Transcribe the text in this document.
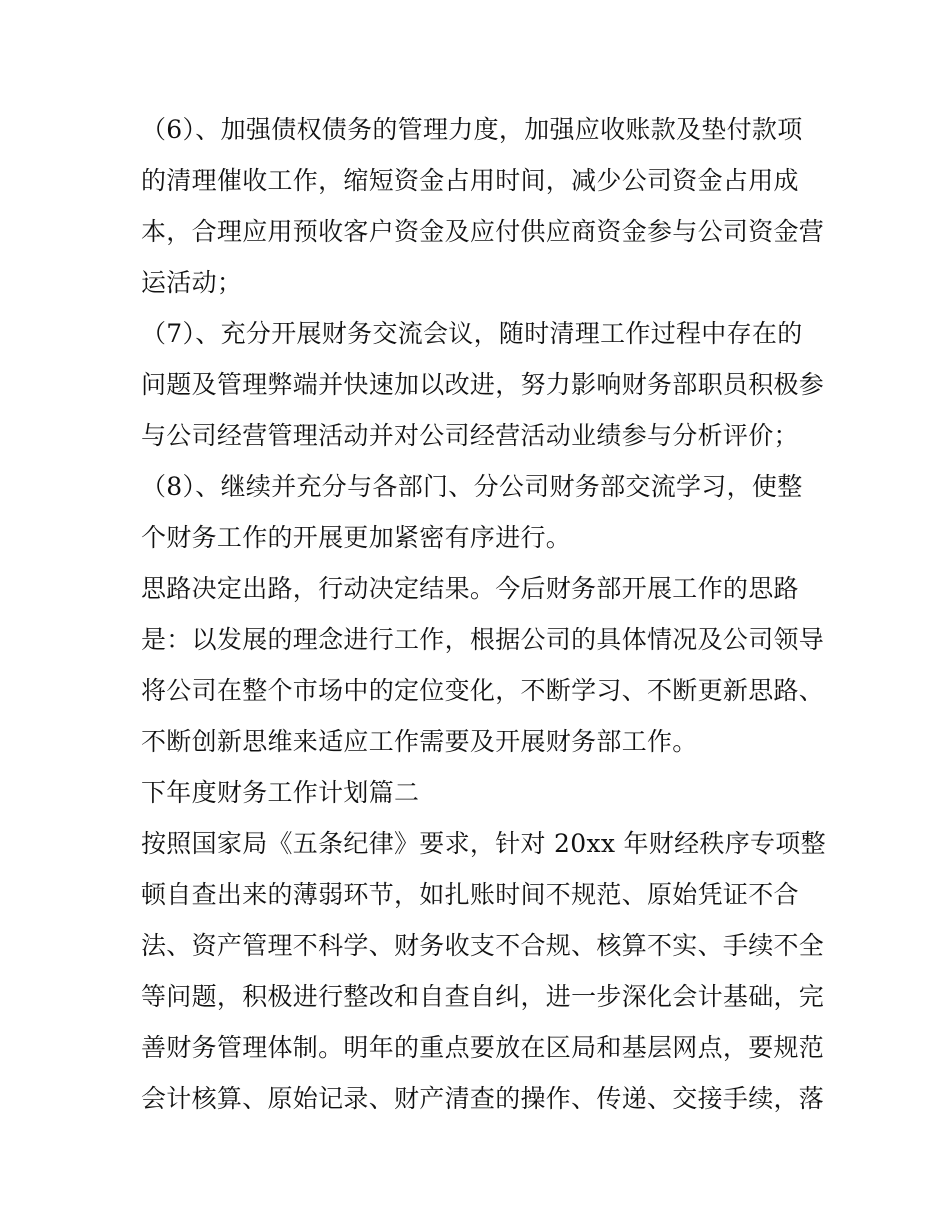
（6）、加强债权债务的管理力度，加强应收账款及垫付款项
的清理催收工作，缩短资金占用时间，减少公司资金占用成
本，合理应用预收客户资金及应付供应商资金参与公司资金营
运活动；
（7）、充分开展财务交流会议，随时清理工作过程中存在的
问题及管理弊端并快速加以改进，努力影响财务部职员积极参
与公司经营管理活动并对公司经营活动业绩参与分析评价；
（8）、继续并充分与各部门、分公司财务部交流学习，使整
个财务工作的开展更加紧密有序进行。
思路决定出路，行动决定结果。今后财务部开展工作的思路
是：以发展的理念进行工作，根据公司的具体情况及公司领导
将公司在整个市场中的定位变化，不断学习、不断更新思路、
不断创新思维来适应工作需要及开展财务部工作。
下年度财务工作计划篇二
按照国家局《五条纪律》要求，针对 20xx 年财经秩序专项整
顿自查出来的薄弱环节，如扎账时间不规范、原始凭证不合
法、资产管理不科学、财务收支不合规、核算不实、手续不全
等问题，积极进行整改和自查自纠，进一步深化会计基础，完
善财务管理体制。明年的重点要放在区局和基层网点，要规范
会计核算、原始记录、财产清查的操作、传递、交接手续，落
